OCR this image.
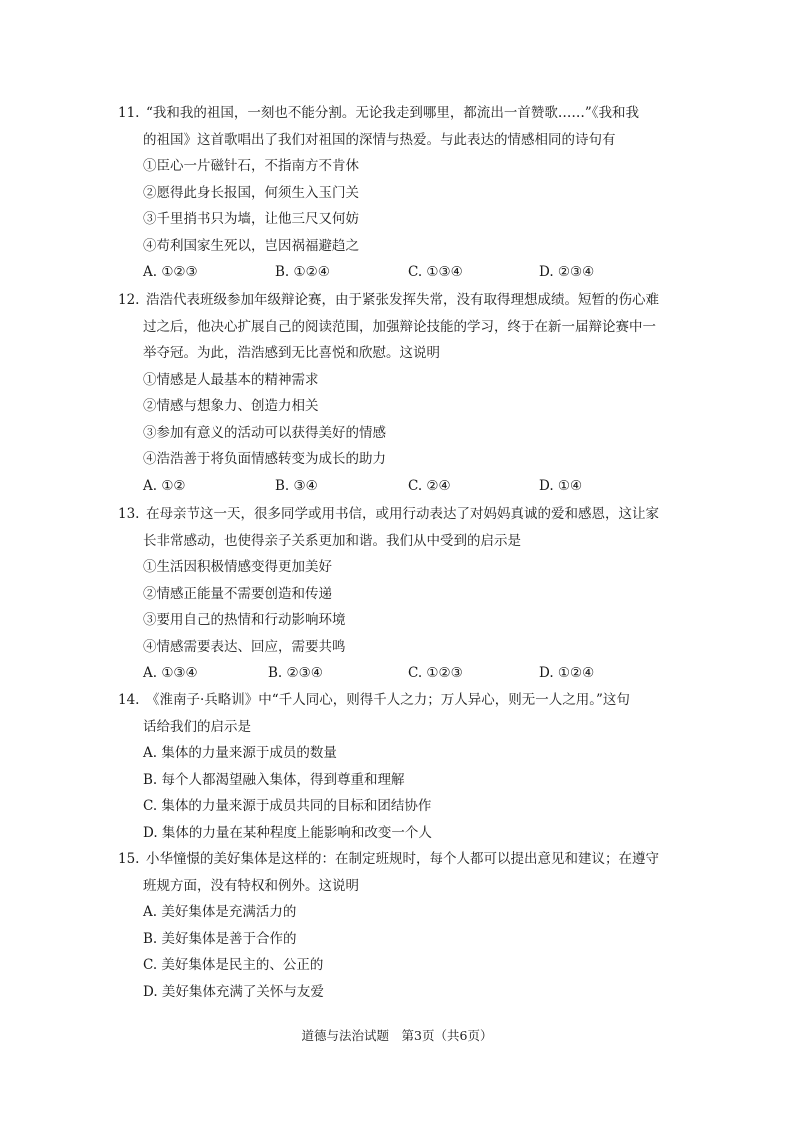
11. “我和我的祖国，一刻也不能分割。无论我走到哪里，都流出一首赞歌……”《我和我
的祖国》这首歌唱出了我们对祖国的深情与热爱。与此表达的情感相同的诗句有
①臣心一片磁针石，不指南方不肯休
②愿得此身长报国，何须生入玉门关
③千里捎书只为墙，让他三尺又何妨
④苟利国家生死以，岂因祸福避趋之
A. ①②③	B. ①②④	C. ①③④	D. ②③④
12. 浩浩代表班级参加年级辩论赛，由于紧张发挥失常，没有取得理想成绩。短暂的伤心难
过之后，他决心扩展自己的阅读范围，加强辩论技能的学习，终于在新一届辩论赛中一
举夺冠。为此，浩浩感到无比喜悦和欣慰。这说明
①情感是人最基本的精神需求
②情感与想象力、创造力相关
③参加有意义的活动可以获得美好的情感
④浩浩善于将负面情感转变为成长的助力
A. ①②	B. ③④	C. ②④	D. ①④
13. 在母亲节这一天，很多同学或用书信，或用行动表达了对妈妈真诚的爱和感恩，这让家
长非常感动，也使得亲子关系更加和谐。我们从中受到的启示是
①生活因积极情感变得更加美好
②情感正能量不需要创造和传递
③要用自己的热情和行动影响环境
④情感需要表达、回应，需要共鸣
A. ①③④	B. ②③④	C. ①②③	D. ①②④
14. 《淮南子·兵略训》中“千人同心，则得千人之力；万人异心，则无一人之用。”这句
话给我们的启示是
A. 集体的力量来源于成员的数量
B. 每个人都渴望融入集体，得到尊重和理解
C. 集体的力量来源于成员共同的目标和团结协作
D. 集体的力量在某种程度上能影响和改变一个人
15. 小华憧憬的美好集体是这样的：在制定班规时，每个人都可以提出意见和建议；在遵守
班规方面，没有特权和例外。这说明
A. 美好集体是充满活力的
B. 美好集体是善于合作的
C. 美好集体是民主的、公正的
D. 美好集体充满了关怀与友爱
道德与法治试题　第3页（共6页）
